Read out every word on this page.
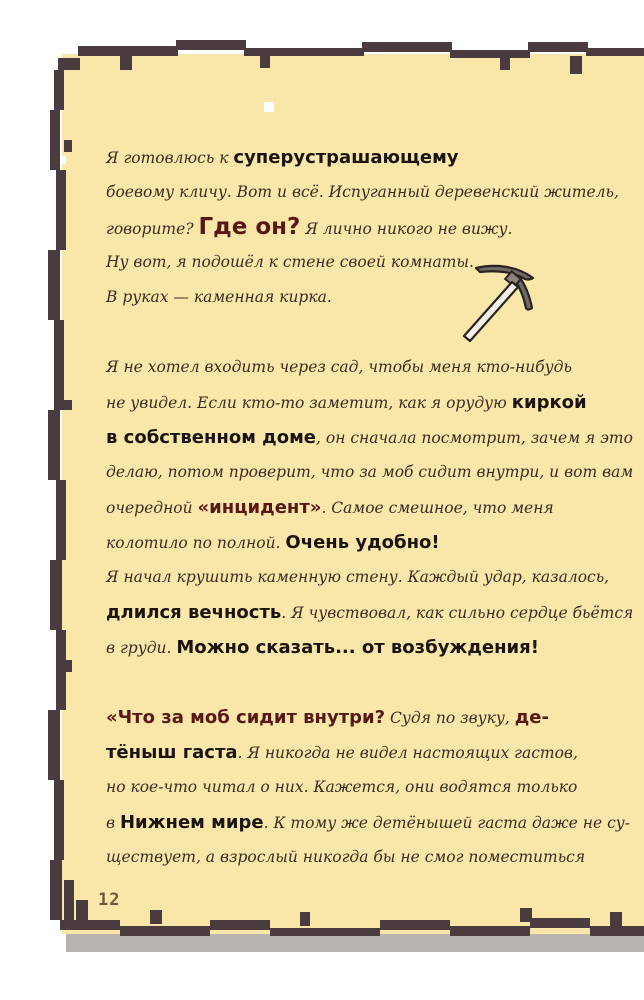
Я готовлюсь к суперустрашающему
боевому кличу. Вот и всё. Испуганный деревенский житель,
говорите? Где он? Я лично никого не вижу.
Ну вот, я подошёл к стене своей комнаты.
В руках — каменная кирка.
Я не хотел входить через сад, чтобы меня кто-нибудь
не увидел. Если кто-то заметит, как я орудую киркой
в собственном доме, он сначала посмотрит, зачем я это
делаю, потом проверит, что за моб сидит внутри, и вот вам
очередной «инцидент». Самое смешное, что меня
колотило по полной. Очень удобно!
Я начал крушить каменную стену. Каждый удар, казалось,
длился вечность. Я чувствовал, как сильно сердце бьётся
в груди. Можно сказать... от возбуждения!
«Что за моб сидит внутри? Судя по звуку, де-
тёныш гаста. Я никогда не видел настоящих гастов,
но кое-что читал о них. Кажется, они водятся только
в Нижнем мире. К тому же детёнышей гаста даже не су-
ществует, а взрослый никогда бы не смог поместиться
12
